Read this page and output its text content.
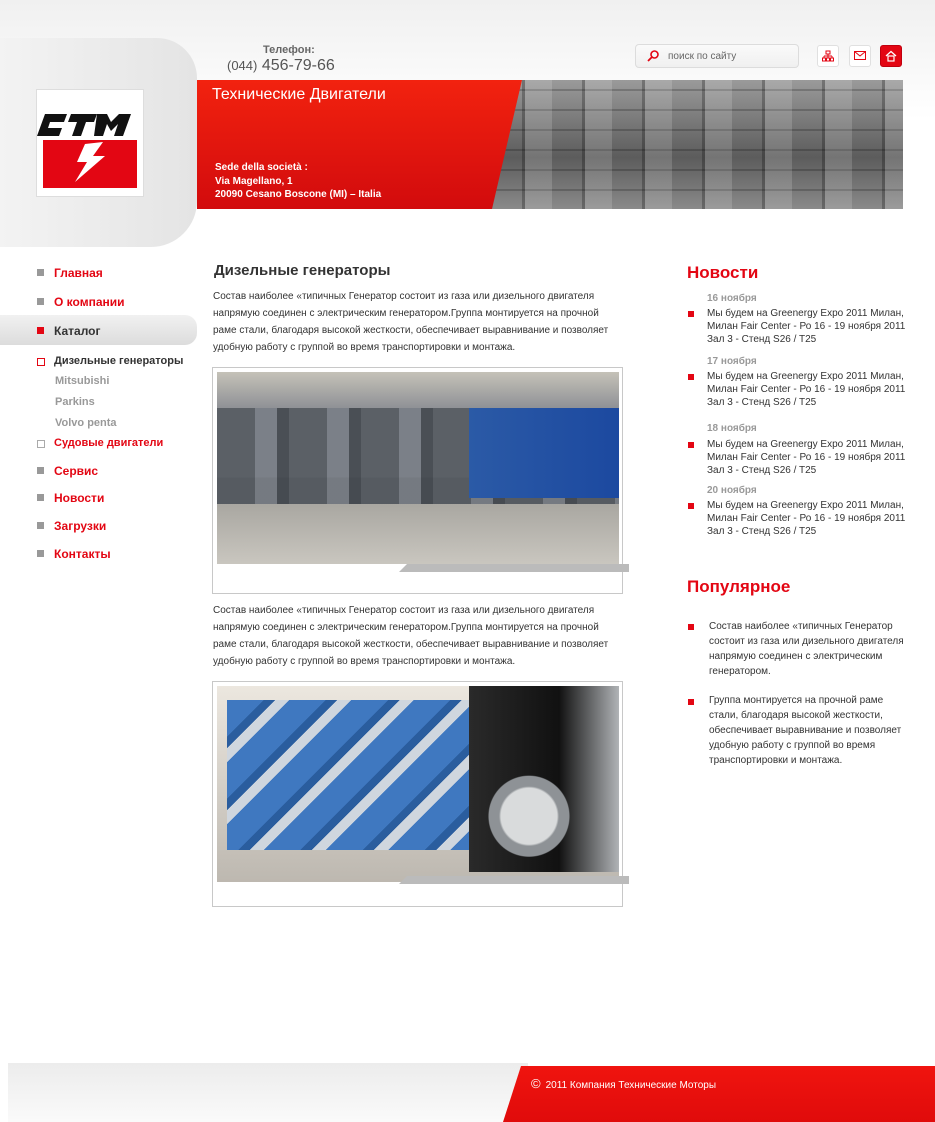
Телефон:
(044) 456-79-66
поиск по сайту
Технические Двигатели
Sede della società :
Via Magellano, 1
20090 Cesano Boscone (MI) – Italia
Главная
О компании
Каталог
Дизельные генераторы
Mitsubishi
Parkins
Volvo penta
Судовые двигатели
Сервис
Новости
Загрузки
Контакты
Дизельные генераторы
Состав наиболее «типичных Генератор состоит из газа или дизельного двигателя напрямую соединен с электрическим генератором.Группа монтируется на прочной раме стали, благодаря высокой жесткости, обеспечивает выравнивание и позволяет удобную работу с группой во время транспортировки и монтажа.
Состав наиболее «типичных Генератор состоит из газа или дизельного двигателя напрямую соединен с электрическим генератором.Группа монтируется на прочной раме стали, благодаря высокой жесткости, обеспечивает выравнивание и позволяет удобную работу с группой во время транспортировки и монтажа.
Новости
16 ноября
Мы будем на Greenergy Expo 2011 Милан, Милан Fair Center - Ро 16 - 19 ноября 2011 Зал 3 - Стенд S26 / T25
17 ноября
Мы будем на Greenergy Expo 2011 Милан, Милан Fair Center - Ро 16 - 19 ноября 2011 Зал 3 - Стенд S26 / T25
18 ноября
Мы будем на Greenergy Expo 2011 Милан, Милан Fair Center - Ро 16 - 19 ноября 2011 Зал 3 - Стенд S26 / T25
20 ноября
Мы будем на Greenergy Expo 2011 Милан, Милан Fair Center - Ро 16 - 19 ноября 2011 Зал 3 - Стенд S26 / T25
Популярное
Состав наиболее «типичных Генератор состоит из газа или дизельного двигателя напрямую соединен с электрическим генератором.
Группа монтируется на прочной раме стали, благодаря высокой жесткости, обеспечивает выравнивание и позволяет удобную работу с группой во время транспортировки и монтажа.
© 2011 Компания Технические Моторы
